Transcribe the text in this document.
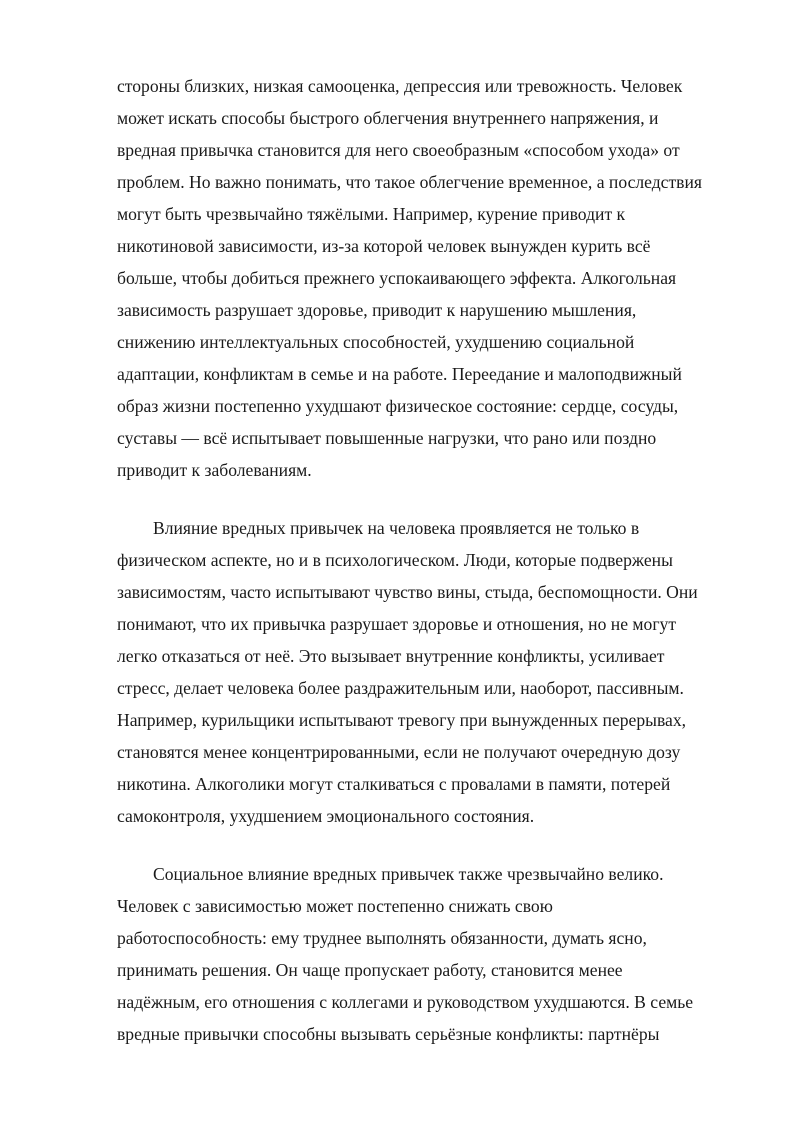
стороны близких, низкая самооценка, депрессия или тревожность. Человек
может искать способы быстрого облегчения внутреннего напряжения, и
вредная привычка становится для него своеобразным «способом ухода» от
проблем. Но важно понимать, что такое облегчение временное, а последствия
могут быть чрезвычайно тяжёлыми. Например, курение приводит к
никотиновой зависимости, из-за которой человек вынужден курить всё
больше, чтобы добиться прежнего успокаивающего эффекта. Алкогольная
зависимость разрушает здоровье, приводит к нарушению мышления,
снижению интеллектуальных способностей, ухудшению социальной
адаптации, конфликтам в семье и на работе. Переедание и малоподвижный
образ жизни постепенно ухудшают физическое состояние: сердце, сосуды,
суставы — всё испытывает повышенные нагрузки, что рано или поздно
приводит к заболеваниям.
Влияние вредных привычек на человека проявляется не только в
физическом аспекте, но и в психологическом. Люди, которые подвержены
зависимостям, часто испытывают чувство вины, стыда, беспомощности. Они
понимают, что их привычка разрушает здоровье и отношения, но не могут
легко отказаться от неё. Это вызывает внутренние конфликты, усиливает
стресс, делает человека более раздражительным или, наоборот, пассивным.
Например, курильщики испытывают тревогу при вынужденных перерывах,
становятся менее концентрированными, если не получают очередную дозу
никотина. Алкоголики могут сталкиваться с провалами в памяти, потерей
самоконтроля, ухудшением эмоционального состояния.
Социальное влияние вредных привычек также чрезвычайно велико.
Человек с зависимостью может постепенно снижать свою
работоспособность: ему труднее выполнять обязанности, думать ясно,
принимать решения. Он чаще пропускает работу, становится менее
надёжным, его отношения с коллегами и руководством ухудшаются. В семье
вредные привычки способны вызывать серьёзные конфликты: партнёры
